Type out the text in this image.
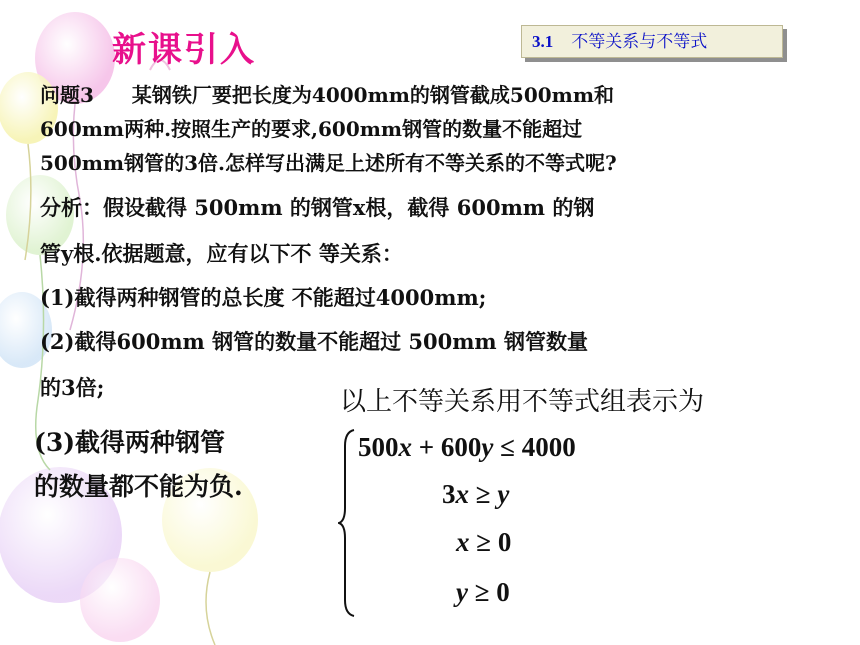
新课引入	3.1 不等关系与不等式
问题3 某钢铁厂要把长度为4000mm的钢管截成500mm和
600mm两种.按照生产的要求,600mm钢管的数量不能超过
500mm钢管的3倍.怎样写出满足上述所有不等关系的不等式呢?
分析：假设截得 500mm 的钢管x根，截得 600mm 的钢
管y根.依据题意，应有以下不 等关系：
(1)截得两种钢管的总长度 不能超过4000mm;
(2)截得600mm 钢管的数量不能超过 500mm 钢管数量
的3倍;	以上不等关系用不等式组表示为
(3)截得两种钢管
的数量都不能为负.
500x + 600y ≤ 4000
3x ≥ y
x ≥ 0
y ≥ 0
